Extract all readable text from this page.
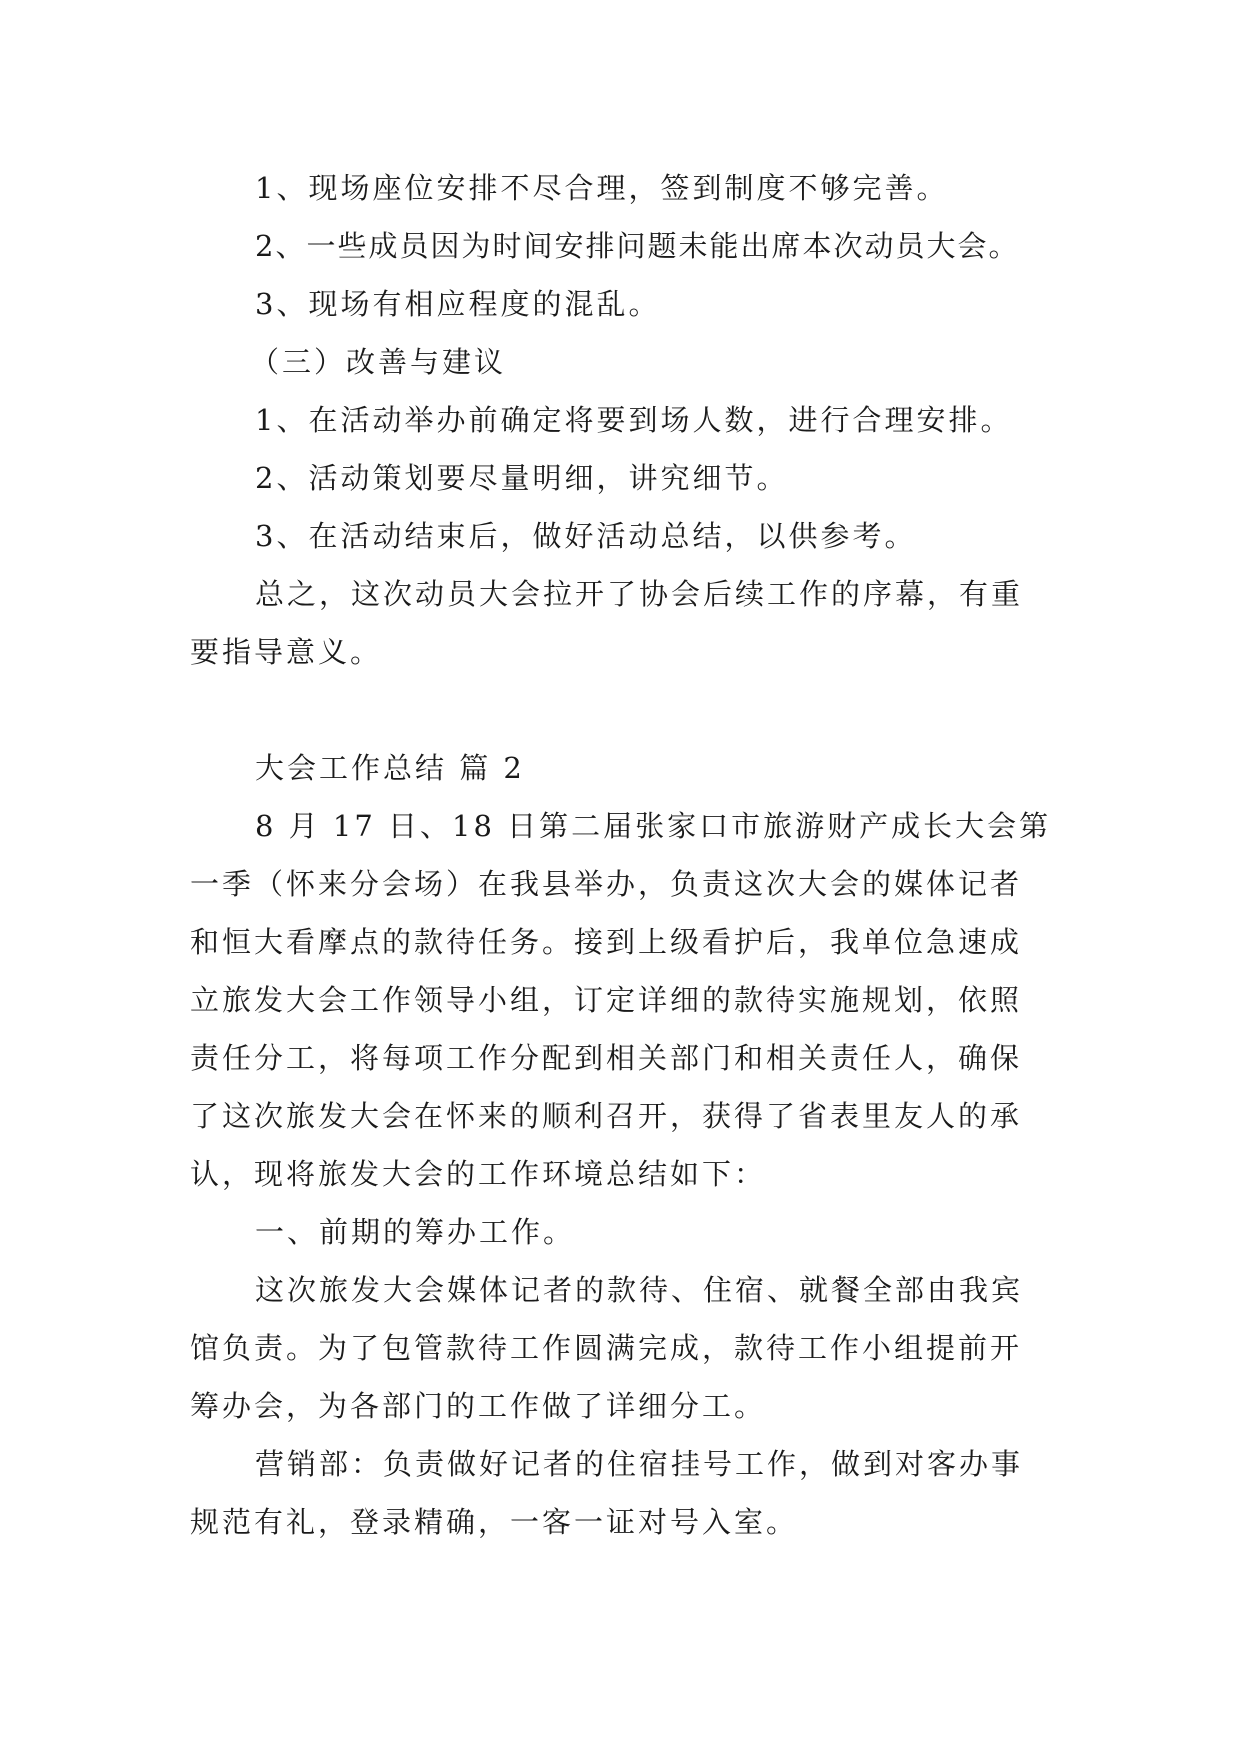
1、现场座位安排不尽合理，签到制度不够完善。
2、一些成员因为时间安排问题未能出席本次动员大会。
3、现场有相应程度的混乱。
（三）改善与建议
1、在活动举办前确定将要到场人数，进行合理安排。
2、活动策划要尽量明细，讲究细节。
3、在活动结束后，做好活动总结，以供参考。
总之，这次动员大会拉开了协会后续工作的序幕，有重
要指导意义。
大会工作总结 篇 2
8 月 17 日、18 日第二届张家口市旅游财产成长大会第
一季（怀来分会场）在我县举办，负责这次大会的媒体记者
和恒大看摩点的款待任务。接到上级看护后，我单位急速成
立旅发大会工作领导小组，订定详细的款待实施规划，依照
责任分工，将每项工作分配到相关部门和相关责任人，确保
了这次旅发大会在怀来的顺利召开，获得了省表里友人的承
认，现将旅发大会的工作环境总结如下：
一、前期的筹办工作。
这次旅发大会媒体记者的款待、住宿、就餐全部由我宾
馆负责。为了包管款待工作圆满完成，款待工作小组提前开
筹办会，为各部门的工作做了详细分工。
营销部：负责做好记者的住宿挂号工作，做到对客办事
规范有礼，登录精确，一客一证对号入室。
